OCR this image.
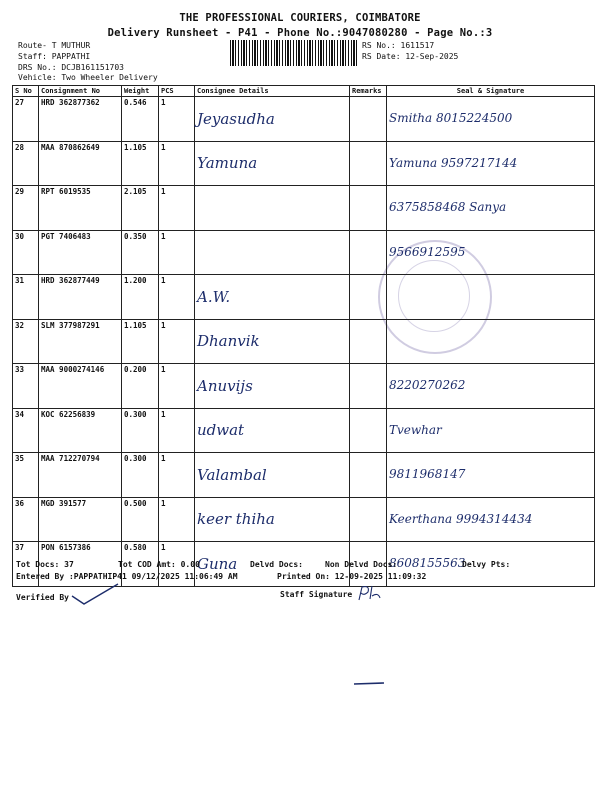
THE PROFESSIONAL COURIERS, COIMBATORE
Delivery Runsheet - P41 - Phone No.:9047080280 - Page No.:3
Route- T MUTHUR
Staff: PAPPATHI
DRS No.: DCJB161151703
Vehicle: Two Wheeler Delivery
RS No.: 1611517
RS Date: 12-Sep-2025
S No	Consignment No	Weight	PCS	Consignee Details	Remarks	Seal & Signature
27	HRD 362877362	0.546	1	Jeyasudha		Smitha 8015224500
28	MAA 870862649	1.105	1	Yamuna		Yamuna 9597217144
29	RPT 6019535	2.105	1			6375858468 Sanya
30	PGT 7406483	0.350	1			9566912595
31	HRD 362877449	1.200	1	A.W.		
32	SLM 377987291	1.105	1	Dhanvik		
33	MAA 9000274146	0.200	1	Anuvijs		8220270262
34	KOC 62256839	0.300	1	udwat		Tvewhar
35	MAA 712270794	0.300	1	Valambal		9811968147
36	MGD 391577	0.500	1	keer thiha		Keerthana 9994314434
37	PON 6157386	0.580	1	Guna		8608155563
Tot Docs: 37	Tot COD Amt: 0.00	Delvd Docs:	Non Delvd Docs:	Delvy Pts:
Entered By :PAPPATHIP41 09/12/2025 11:06:49 AM	Printed On: 12-09-2025 11:09:32
Verified By	Staff Signature
